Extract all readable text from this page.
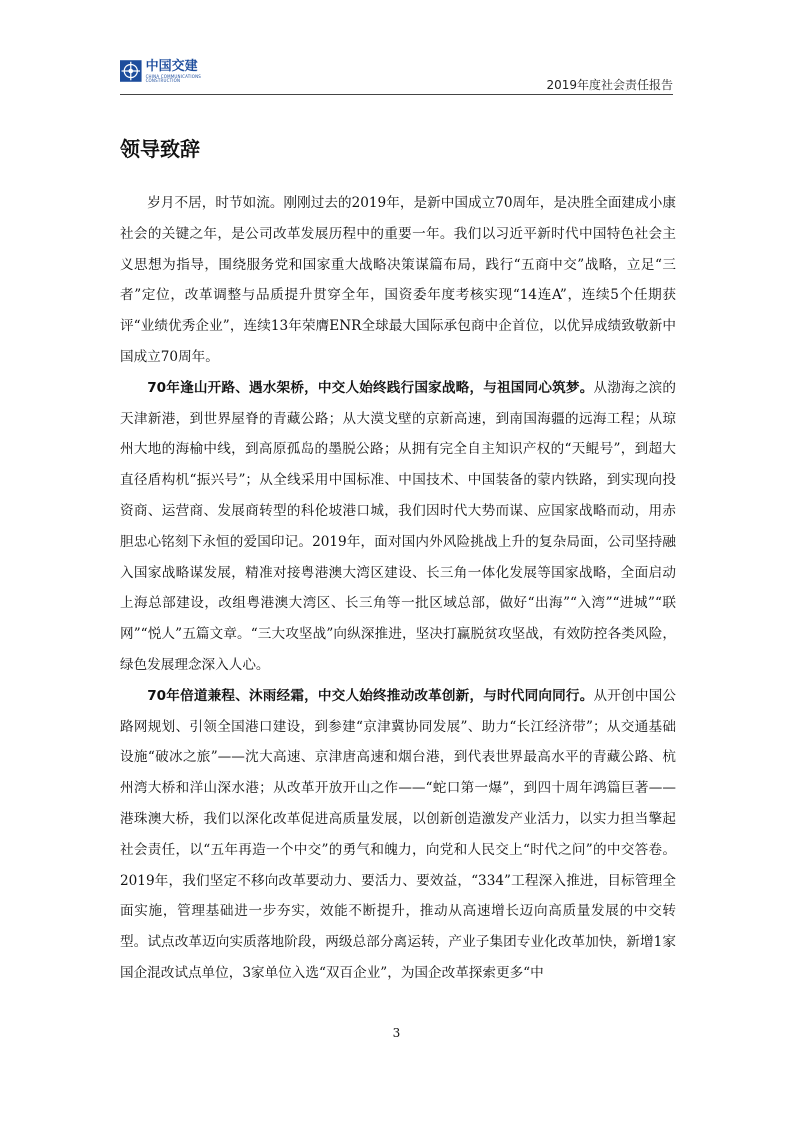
中国交建
CHINA COMMUNICATIONS CONSTRUCTION	2019年度社会责任报告
领导致辞

岁月不居，时节如流。刚刚过去的2019年，是新中国成立70周年，是决胜全面建成小康社会的关键之年，是公司改革发展历程中的重要一年。我们以习近平新时代中国特色社会主义思想为指导，围绕服务党和国家重大战略决策谋篇布局，践行“五商中交”战略，立足“三者”定位，改革调整与品质提升贯穿全年，国资委年度考核实现“14连A”，连续5个任期获评“业绩优秀企业”，连续13年荣膺ENR全球最大国际承包商中企首位，以优异成绩致敬新中国成立70周年。

70年逢山开路、遇水架桥，中交人始终践行国家战略，与祖国同心筑梦。从渤海之滨的天津新港，到世界屋脊的青藏公路；从大漠戈壁的京新高速，到南国海疆的远海工程；从琼州大地的海榆中线，到高原孤岛的墨脱公路；从拥有完全自主知识产权的“天鲲号”，到超大直径盾构机“振兴号”；从全线采用中国标准、中国技术、中国装备的蒙内铁路，到实现向投资商、运营商、发展商转型的科伦坡港口城，我们因时代大势而谋、应国家战略而动，用赤胆忠心铭刻下永恒的爱国印记。2019年，面对国内外风险挑战上升的复杂局面，公司坚持融入国家战略谋发展，精准对接粤港澳大湾区建设、长三角一体化发展等国家战略，全面启动上海总部建设，改组粤港澳大湾区、长三角等一批区域总部，做好“出海”“入湾”“进城”“联网”“悦人”五篇文章。“三大攻坚战”向纵深推进，坚决打赢脱贫攻坚战，有效防控各类风险，绿色发展理念深入人心。

70年倍道兼程、沐雨经霜，中交人始终推动改革创新，与时代同向同行。从开创中国公路网规划、引领全国港口建设，到参建“京津冀协同发展”、助力“长江经济带”；从交通基础设施“破冰之旅”——沈大高速、京津唐高速和烟台港，到代表世界最高水平的青藏公路、杭州湾大桥和洋山深水港；从改革开放开山之作——“蛇口第一爆”，到四十周年鸿篇巨著——港珠澳大桥，我们以深化改革促进高质量发展，以创新创造激发产业活力，以实力担当擎起社会责任，以“五年再造一个中交”的勇气和魄力，向党和人民交上“时代之问”的中交答卷。2019年，我们坚定不移向改革要动力、要活力、要效益，“334”工程深入推进，目标管理全面实施，管理基础进一步夯实，效能不断提升，推动从高速增长迈向高质量发展的中交转型。试点改革迈向实质落地阶段，两级总部分离运转，产业子集团专业化改革加快，新增1家国企混改试点单位，3家单位入选“双百企业”，为国企改革探索更多“中

3
